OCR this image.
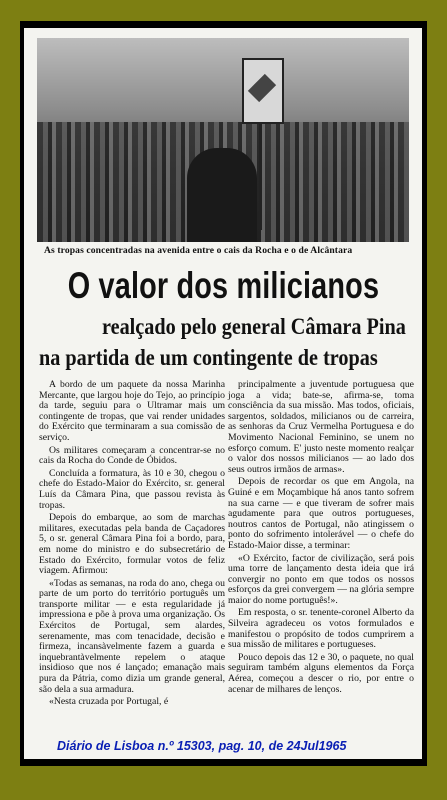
As tropas concentradas na avenida entre o cais da Rocha e o de Alcântara
O valor dos milicianos
realçado pelo general Câmara Pina
na partida de um contingente de tropas

A bordo de um paquete da nossa Marinha Mercante, que largou hoje do Tejo, ao princípio da tarde, seguiu para o Ultramar mais um contingente de tropas, que vai render unidades do Exército que terminaram a sua comissão de serviço.

Os militares começaram a concentrar-se no cais da Rocha do Conde de Óbidos.

Concluída a formatura, às 10 e 30, chegou o chefe do Estado-Maior do Exército, sr. general Luís da Câmara Pina, que passou revista às tropas.

Depois do embarque, ao som de marchas militares, executadas pela banda de Caçadores 5, o sr. general Câmara Pina foi a bordo, para, em nome do ministro e do subsecretário de Estado do Exército, formular votos de feliz viagem. Afirmou:

«Todas as semanas, na roda do ano, chega ou parte de um porto do território português um transporte militar — e esta regularidade já impressiona e põe à prova uma organização. Os Exércitos de Portugal, sem alardes, serenamente, mas com tenacidade, decisão e firmeza, incansàvelmente fazem a guarda e inquebrantàvelmente repelem o ataque insidioso que nos é lançado; emanação mais pura da Pátria, como dizia um grande general, são dela a sua armadura.

«Nesta cruzada por Portugal, é

principalmente a juventude portuguesa que joga a vida; bate-se, afirma-se, toma consciência da sua missão. Mas todos, oficiais, sargentos, soldados, milicianos ou de carreira, as senhoras da Cruz Vermelha Portuguesa e do Movimento Nacional Feminino, se unem no esforço comum. E' justo neste momento realçar o valor dos nossos milicianos — ao lado dos seus outros irmãos de armas».

Depois de recordar os que em Angola, na Guiné e em Moçambique há anos tanto sofrem na sua carne — e que tiveram de sofrer mais agudamente para que outros portugueses, noutros cantos de Portugal, não atingissem o ponto do sofrimento intolerável — o chefe do Estado-Maior disse, a terminar:

«O Exército, factor de civilização, será pois uma torre de lançamento desta ideia que irá convergir no ponto em que todos os nossos esforços da grei convergem — na glória sempre maior do nome português!».

Em resposta, o sr. tenente-coronel Alberto da Silveira agradeceu os votos formulados e manifestou o propósito de todos cumprirem a sua missão de militares e portugueses.

Pouco depois das 12 e 30, o paquete, no qual seguiram também alguns elementos da Força Aérea, começou a descer o rio, por entre o acenar de milhares de lenços.

Diário de Lisboa n.º 15303, pag. 10, de 24Jul1965
